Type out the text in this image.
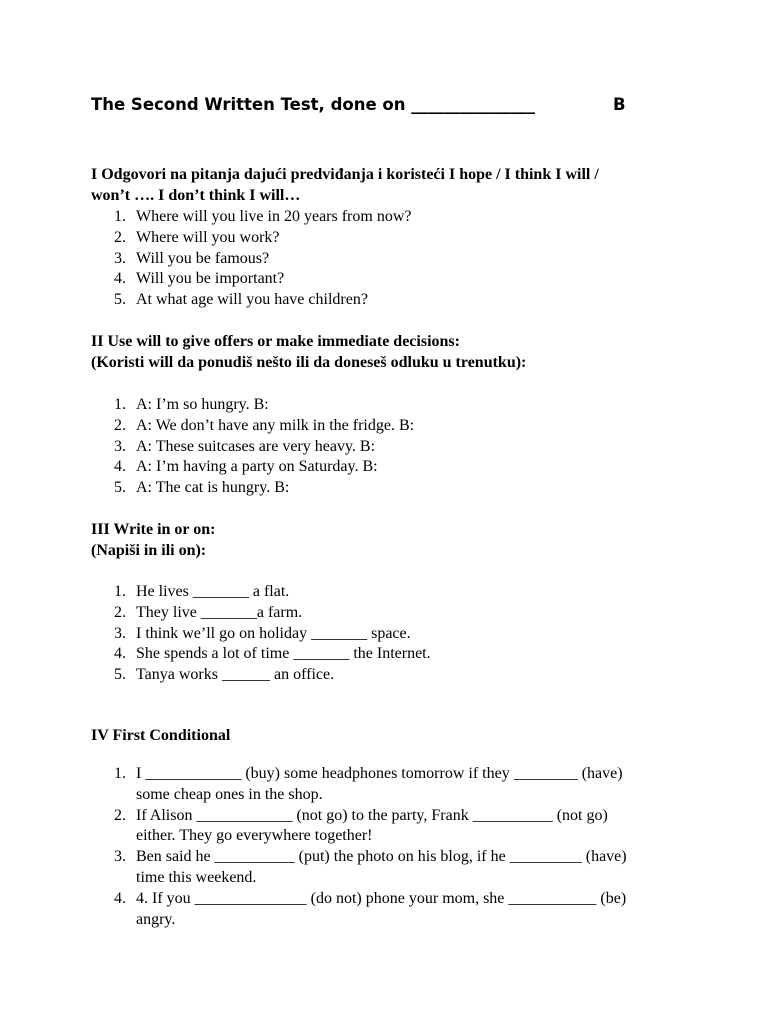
The Second Written Test, done on _______________	B
I Odgovori na pitanja dajući predviđanja i koristeći I hope / I think I will /
won’t …. I don’t think I will…
1. Where will you live in 20 years from now?

2. Where will you work?

3. Will you be famous?

4. Will you be important?

5. At what age will you have children?

II Use will to give offers or make immediate decisions:
(Koristi will da ponudiš nešto ili da doneseš odluku u trenutku):
1. A: I’m so hungry. B:

2. A: We don’t have any milk in the fridge. B:

3. A: These suitcases are very heavy. B:

4. A: I’m having a party on Saturday. B:

5. A: The cat is hungry. B:

III Write in or on:
(Napiši in ili on):
1. He lives _______ a flat.

2. They live _______a farm.

3. I think we’ll go on holiday _______ space.

4. She spends a lot of time _______ the Internet.

5. Tanya works ______ an office.

IV First Conditional
1. I ____________ (buy) some headphones tomorrow if they ________ (have)
some cheap ones in the shop.
2. If Alison ____________ (not go) to the party, Frank __________ (not go)
either. They go everywhere together!
3. Ben said he __________ (put) the photo on his blog, if he _________ (have)
time this weekend.
4. 4. If you ______________ (do not) phone your mom, she ___________ (be)
angry.
